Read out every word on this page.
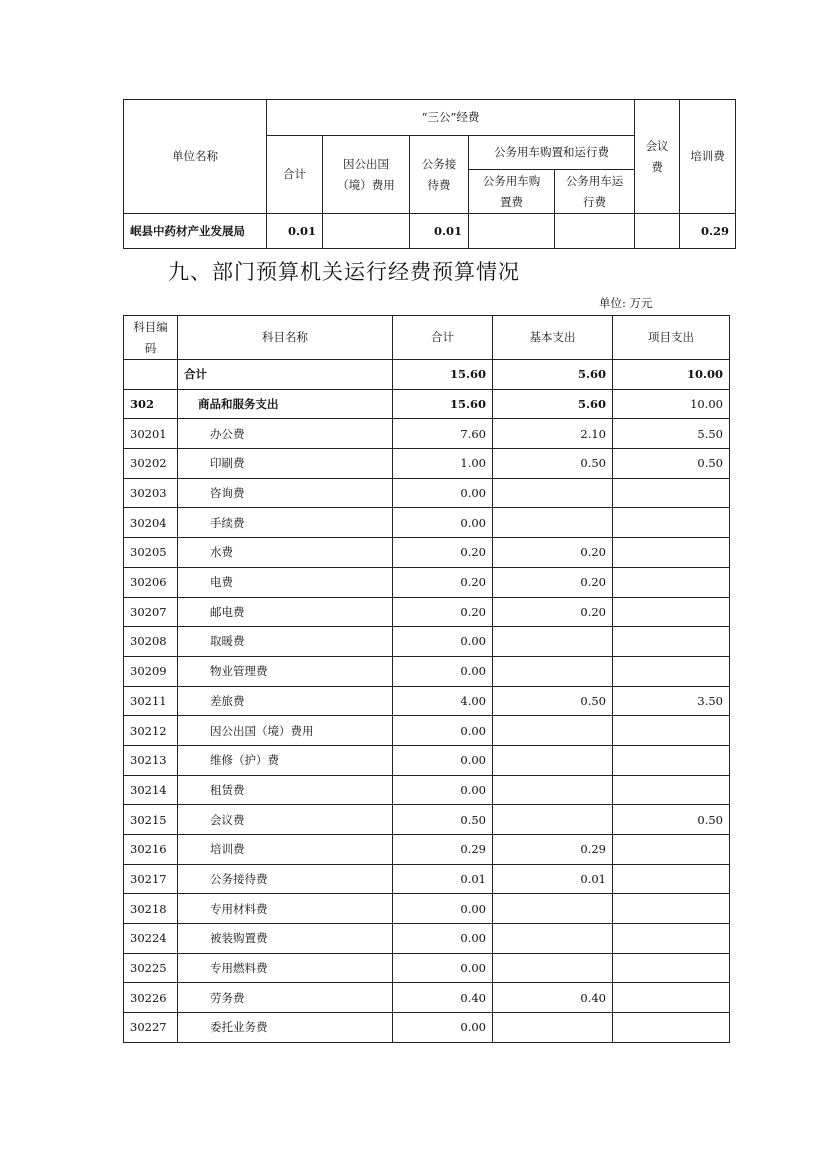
单位名称	“三公”经费					会议费	培训费
	合计	因公出国（境）费用	公务接待费	公务用车购置和运行费			
				公务用车购置费	公务用车运行费		
岷县中药材产业发展局	0.01		0.01				0.29
九、部门预算机关运行经费预算情况
单位: 万元
科目编码	科目名称	合计	基本支出	项目支出
	合计	15.60	5.60	10.00
302	商品和服务支出	15.60	5.60	10.00
30201	办公费	7.60	2.10	5.50
30202	印刷费	1.00	0.50	0.50
30203	咨询费	0.00		
30204	手续费	0.00		
30205	水费	0.20	0.20	
30206	电费	0.20	0.20	
30207	邮电费	0.20	0.20	
30208	取暖费	0.00		
30209	物业管理费	0.00		
30211	差旅费	4.00	0.50	3.50
30212	因公出国（境）费用	0.00		
30213	维修（护）费	0.00		
30214	租赁费	0.00		
30215	会议费	0.50		0.50
30216	培训费	0.29	0.29	
30217	公务接待费	0.01	0.01	
30218	专用材料费	0.00		
30224	被装购置费	0.00		
30225	专用燃料费	0.00		
30226	劳务费	0.40	0.40	
30227	委托业务费	0.00		
